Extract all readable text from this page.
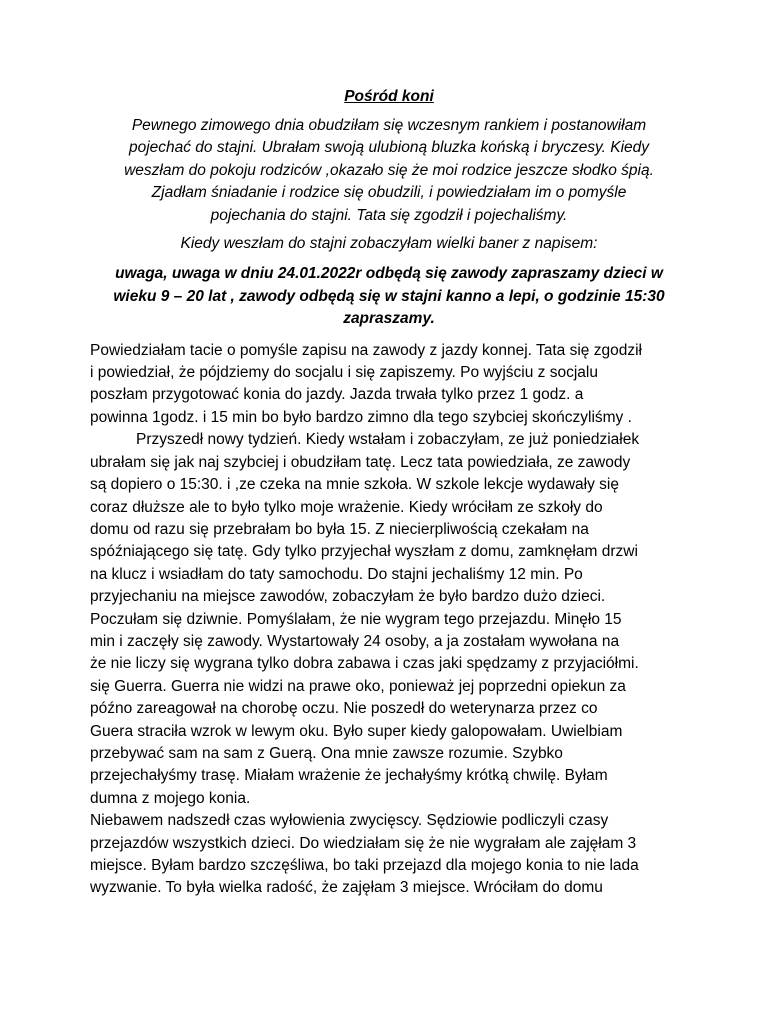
Pośród koni
Pewnego zimowego dnia obudziłam się wczesnym rankiem i postanowiłam
pojechać do stajni. Ubrałam swoją ulubioną bluzka końską i bryczesy. Kiedy
weszłam do pokoju rodziców ,okazało się że moi rodzice jeszcze słodko śpią.
Zjadłam śniadanie i rodzice się obudzili, i powiedziałam im o pomyśle
pojechania do stajni. Tata się zgodził i pojechaliśmy.
Kiedy weszłam do stajni zobaczyłam wielki baner z napisem:
uwaga, uwaga w dniu 24.01.2022r odbędą się zawody zapraszamy dzieci w
wieku 9 – 20 lat , zawody odbędą się w stajni kanno a lepi, o godzinie 15:30
zapraszamy.
Powiedziałam tacie o pomyśle zapisu na zawody z jazdy konnej. Tata się zgodził
i powiedział, że pójdziemy do socjalu i się zapiszemy. Po wyjściu z socjalu
poszłam przygotować konia do jazdy. Jazda trwała tylko przez 1 godz. a
powinna 1godz. i 15 min bo było bardzo zimno dla tego szybciej skończyliśmy .
Przyszedł nowy tydzień. Kiedy wstałam i zobaczyłam, ze już poniedziałek
ubrałam się jak naj szybciej i obudziłam tatę. Lecz tata powiedziała, ze zawody
są dopiero o 15:30. i ,ze czeka na mnie szkoła. W szkole lekcje wydawały się
coraz dłuższe ale to było tylko moje wrażenie. Kiedy wróciłam ze szkoły do
domu od razu się przebrałam bo była 15. Z niecierpliwością czekałam na
spóźniającego się tatę. Gdy tylko przyjechał wyszłam z domu, zamknęłam drzwi
na klucz i wsiadłam do taty samochodu. Do stajni jechaliśmy 12 min. Po
przyjechaniu na miejsce zawodów, zobaczyłam że było bardzo dużo dzieci.
Poczułam się dziwnie. Pomyślałam, że nie wygram tego przejazdu. Minęło 15
min i zaczęły się zawody. Wystartowały 24 osoby, a ja zostałam wywołana na
że nie liczy się wygrana tylko dobra zabawa i czas jaki spędzamy z przyjaciółmi.
się Guerra. Guerra nie widzi na prawe oko, ponieważ jej poprzedni opiekun za
późno zareagował na chorobę oczu. Nie poszedł do weterynarza przez co
Guera straciła wzrok w lewym oku. Było super kiedy galopowałam. Uwielbiam
przebywać sam na sam z Guerą. Ona mnie zawsze rozumie. Szybko
przejechałyśmy trasę. Miałam wrażenie że jechałyśmy krótką chwilę. Byłam
dumna z mojego konia.
Niebawem nadszedł czas wyłowienia zwycięscy. Sędziowie podliczyli czasy
przejazdów wszystkich dzieci. Do wiedziałam się że nie wygrałam ale zajęłam 3
miejsce. Byłam bardzo szczęśliwa, bo taki przejazd dla mojego konia to nie lada
wyzwanie. To była wielka radość, że zajęłam 3 miejsce. Wróciłam do domu
